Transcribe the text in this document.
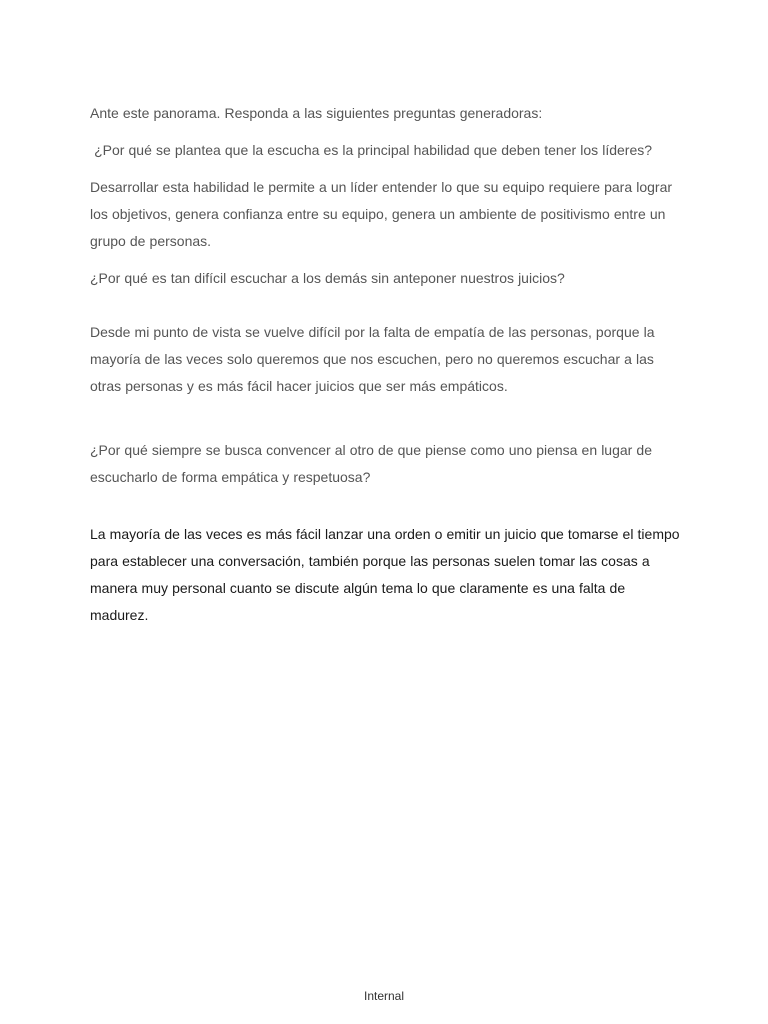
Ante este panorama. Responda a las siguientes preguntas generadoras:

¿Por qué se plantea que la escucha es la principal habilidad que deben tener los líderes?

Desarrollar esta habilidad le permite a un líder entender lo que su equipo requiere para lograr los objetivos, genera confianza entre su equipo, genera un ambiente de positivismo entre un grupo de personas.

¿Por qué es tan difícil escuchar a los demás sin anteponer nuestros juicios?

Desde mi punto de vista se vuelve difícil por la falta de empatía de las personas, porque la mayoría de las veces solo queremos que nos escuchen, pero no queremos escuchar a las otras personas y es más fácil hacer juicios que ser más empáticos.

¿Por qué siempre se busca convencer al otro de que piense como uno piensa en lugar de escucharlo de forma empática y respetuosa?

La mayoría de las veces es más fácil lanzar una orden o emitir un juicio que tomarse el tiempo para establecer una conversación, también porque las personas suelen tomar las cosas a manera muy personal cuanto se discute algún tema lo que claramente es una falta de madurez.

Internal
